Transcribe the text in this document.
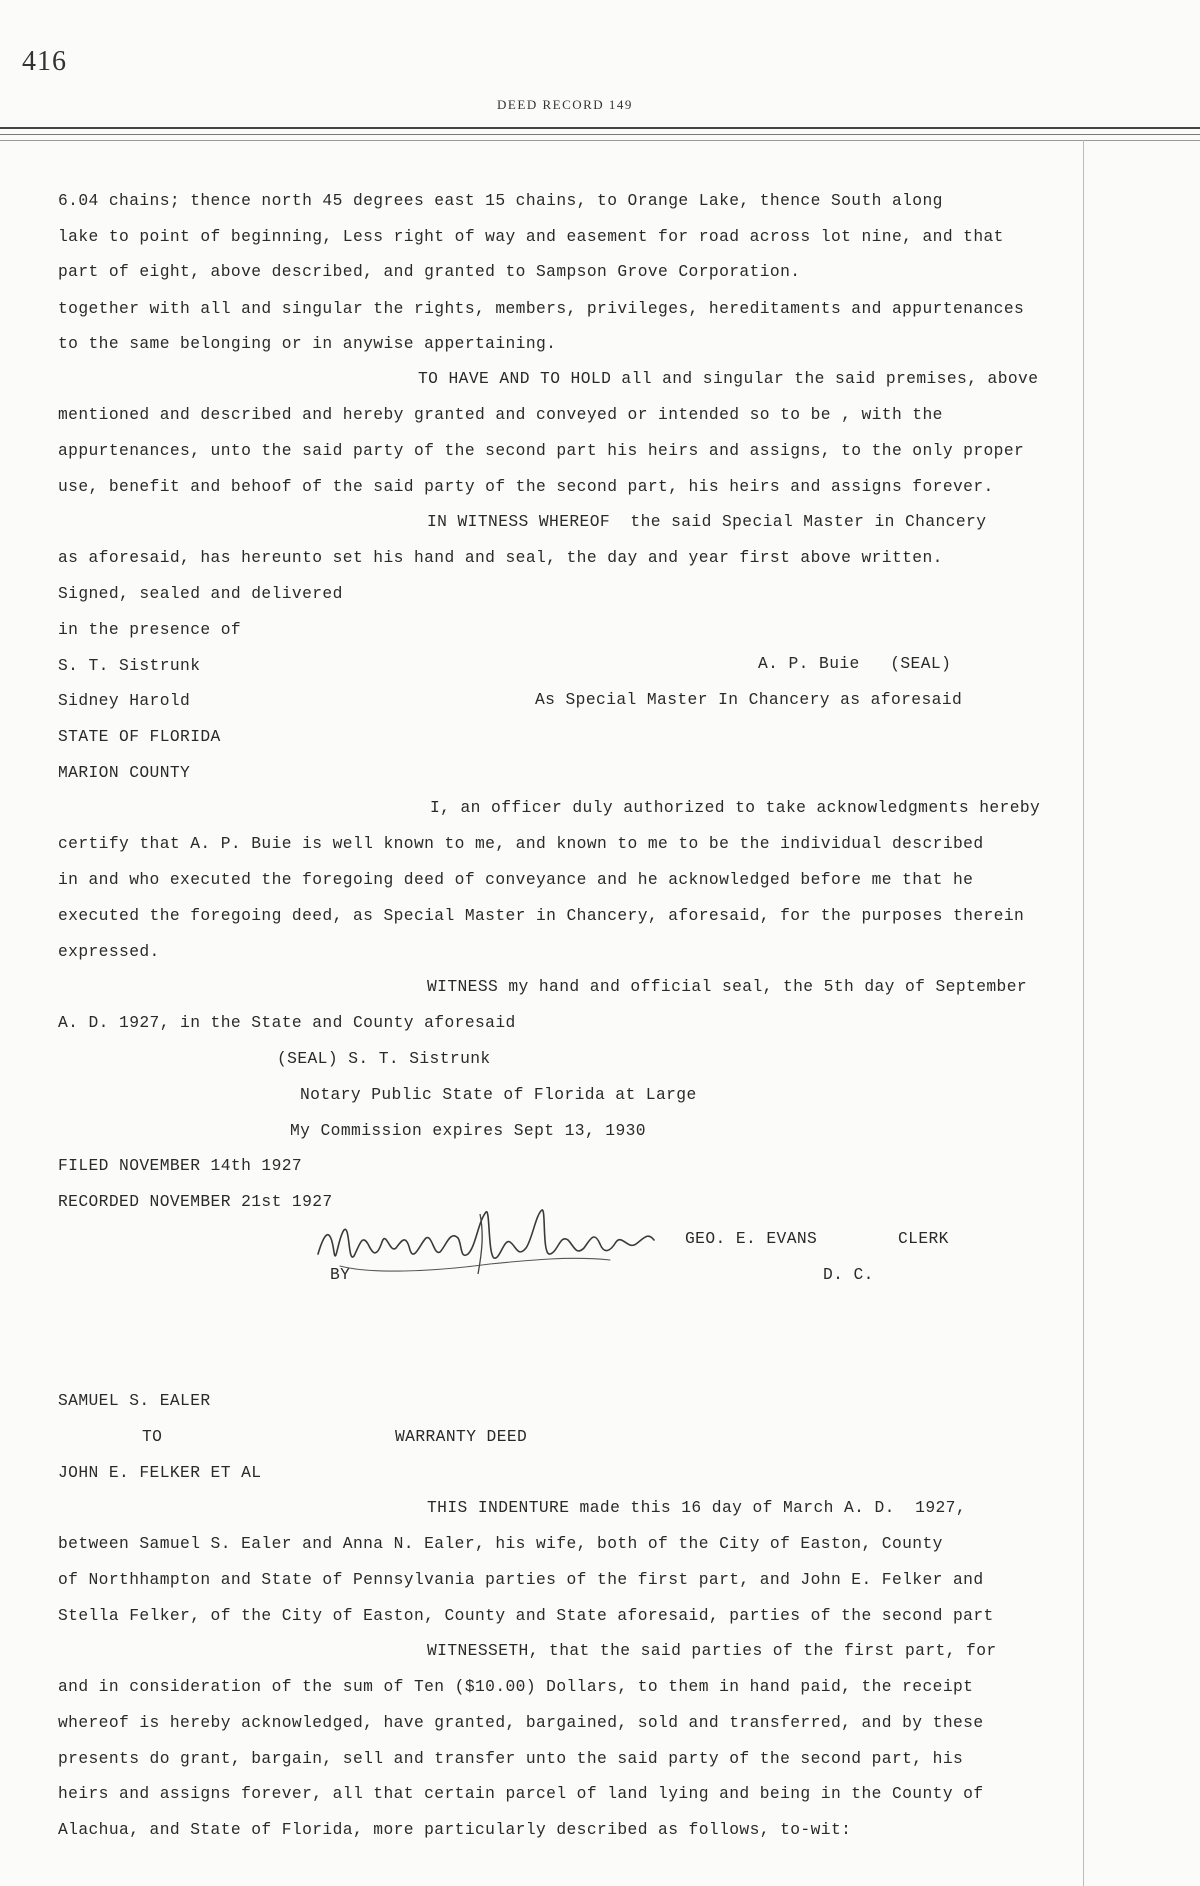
416
DEED RECORD 149
6.04 chains; thence north 45 degrees east 15 chains, to Orange Lake, thence South along
lake to point of beginning, Less right of way and easement for road across lot nine, and that
part of eight, above described, and granted to Sampson Grove Corporation.
together with all and singular the rights, members, privileges, hereditaments and appurtenances
to the same belonging or in anywise appertaining.
TO HAVE AND TO HOLD all and singular the said premises, above
mentioned and described and hereby granted and conveyed or intended so to be , with the
appurtenances, unto the said party of the second part his heirs and assigns, to the only proper
use, benefit and behoof of the said party of the second part, his heirs and assigns forever.
IN WITNESS WHEREOF  the said Special Master in Chancery
as aforesaid, has hereunto set his hand and seal, the day and year first above written.
Signed, sealed and delivered
in the presence of
S. T. Sistrunk	A. P. Buie   (SEAL)
Sidney Harold	As Special Master In Chancery as aforesaid
STATE OF FLORIDA
MARION COUNTY
I, an officer duly authorized to take acknowledgments hereby
certify that A. P. Buie is well known to me, and known to me to be the individual described
in and who executed the foregoing deed of conveyance and he acknowledged before me that he
executed the foregoing deed, as Special Master in Chancery, aforesaid, for the purposes therein
expressed.
WITNESS my hand and official seal, the 5th day of September
A. D. 1927, in the State and County aforesaid
(SEAL) S. T. Sistrunk
Notary Public State of Florida at Large
My Commission expires Sept 13, 1930
FILED NOVEMBER 14th 1927
RECORDED NOVEMBER 21st 1927
GEO. E. EVANS	CLERK
BY	D. C.
SAMUEL S. EALER
TO	WARRANTY DEED
JOHN E. FELKER ET AL
THIS INDENTURE made this 16 day of March A. D.  1927,
between Samuel S. Ealer and Anna N. Ealer, his wife, both of the City of Easton, County
of Northhampton and State of Pennsylvania parties of the first part, and John E. Felker and
Stella Felker, of the City of Easton, County and State aforesaid, parties of the second part
WITNESSETH, that the said parties of the first part, for
and in consideration of the sum of Ten ($10.00) Dollars, to them in hand paid, the receipt
whereof is hereby acknowledged, have granted, bargained, sold and transferred, and by these
presents do grant, bargain, sell and transfer unto the said party of the second part, his
heirs and assigns forever, all that certain parcel of land lying and being in the County of
Alachua, and State of Florida, more particularly described as follows, to-wit:
